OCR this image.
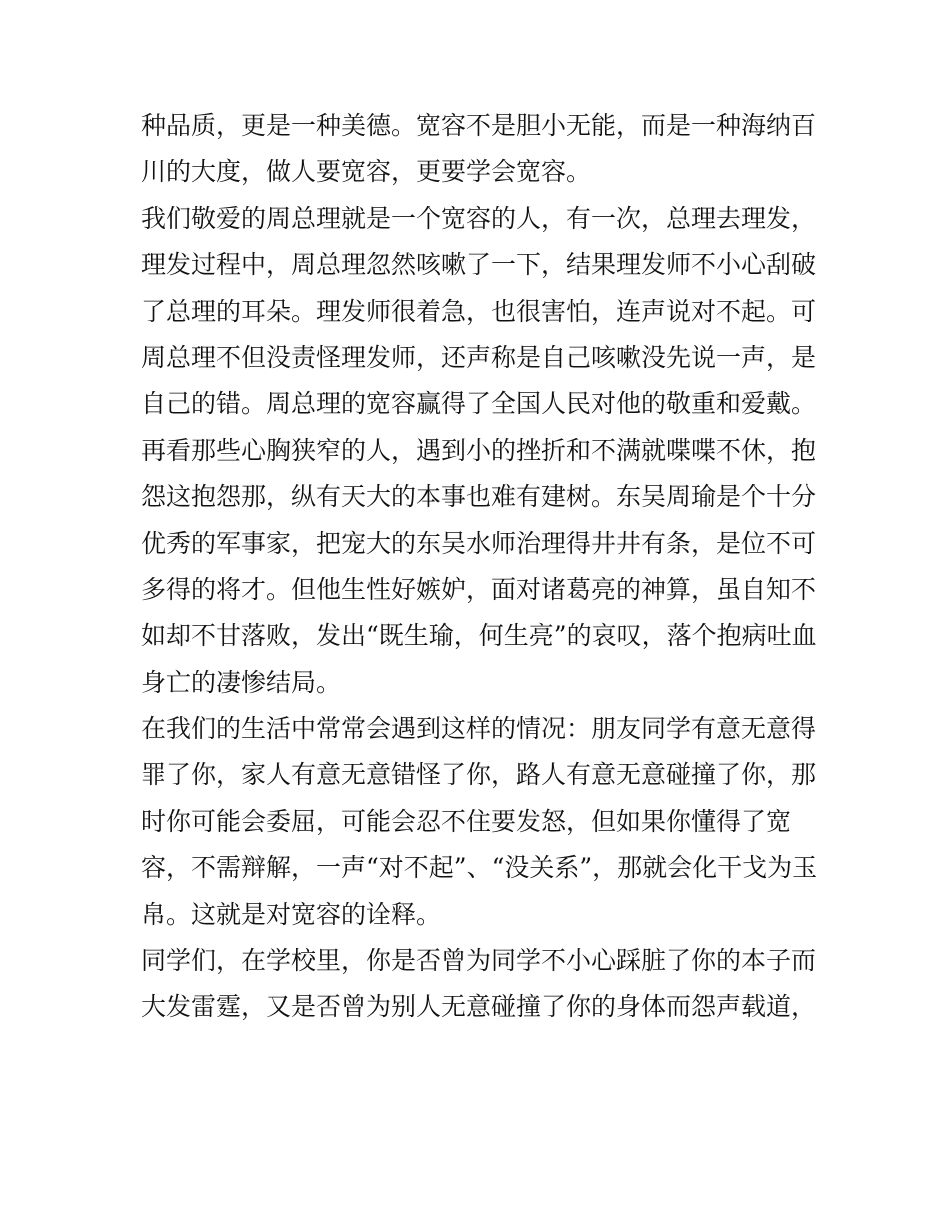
种品质，更是一种美德。宽容不是胆小无能，而是一种海纳百
川的大度，做人要宽容，更要学会宽容。
我们敬爱的周总理就是一个宽容的人，有一次，总理去理发，
理发过程中，周总理忽然咳嗽了一下，结果理发师不小心刮破
了总理的耳朵。理发师很着急，也很害怕，连声说对不起。可
周总理不但没责怪理发师，还声称是自己咳嗽没先说一声，是
自己的错。周总理的宽容赢得了全国人民对他的敬重和爱戴。
再看那些心胸狭窄的人，遇到小的挫折和不满就喋喋不休，抱
怨这抱怨那，纵有天大的本事也难有建树。东吴周瑜是个十分
优秀的军事家，把宠大的东吴水师治理得井井有条，是位不可
多得的将才。但他生性好嫉妒，面对诸葛亮的神算，虽自知不
如却不甘落败，发出“既生瑜，何生亮”的哀叹，落个抱病吐血
身亡的凄惨结局。
在我们的生活中常常会遇到这样的情况：朋友同学有意无意得
罪了你，家人有意无意错怪了你，路人有意无意碰撞了你，那
时你可能会委屈，可能会忍不住要发怒，但如果你懂得了宽
容，不需辩解，一声“对不起”、“没关系”，那就会化干戈为玉
帛。这就是对宽容的诠释。
同学们，在学校里，你是否曾为同学不小心踩脏了你的本子而
大发雷霆，又是否曾为别人无意碰撞了你的身体而怨声载道，
